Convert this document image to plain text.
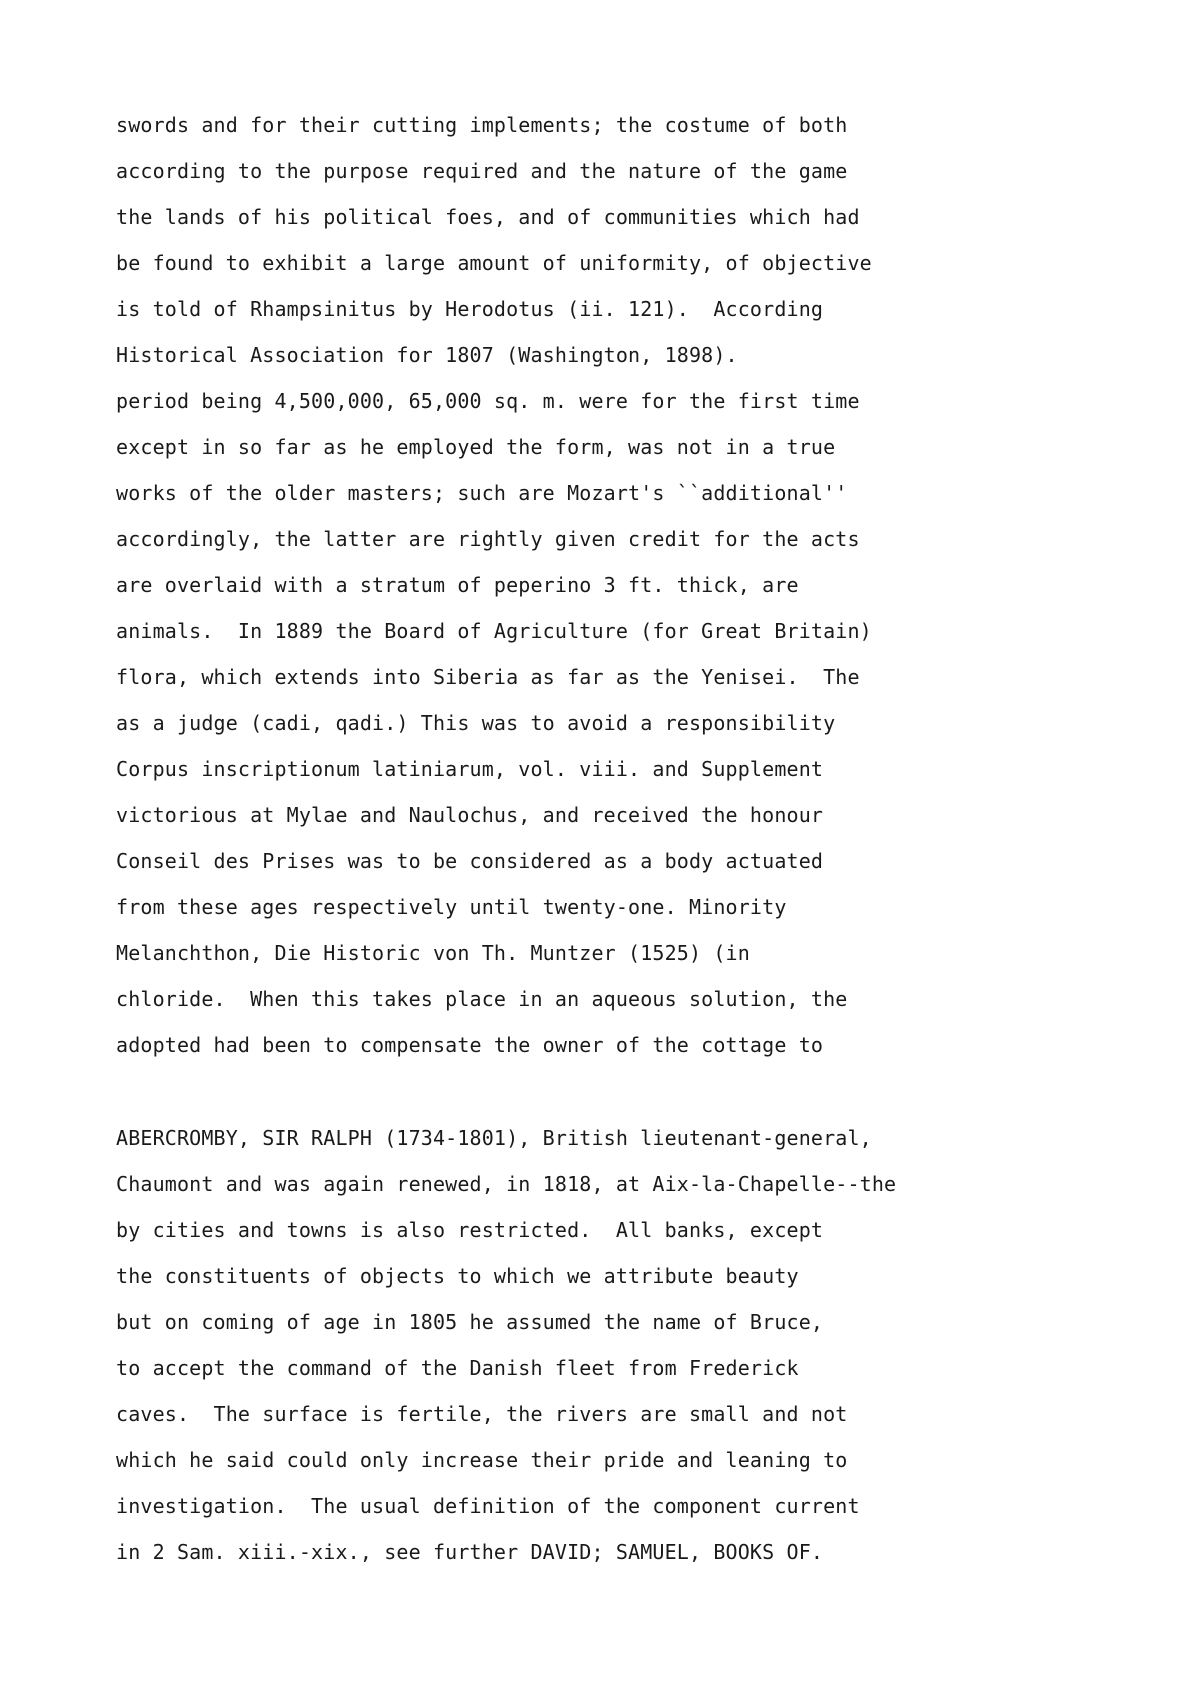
swords and for their cutting implements; the costume of both
according to the purpose required and the nature of the game
the lands of his political foes, and of communities which had
be found to exhibit a large amount of uniformity, of objective
is told of Rhampsinitus by Herodotus (ii. 121).  According
Historical Association for 1807 (Washington, 1898).
period being 4,500,000, 65,000 sq. m. were for the first time
except in so far as he employed the form, was not in a true
works of the older masters; such are Mozart's ``additional''
accordingly, the latter are rightly given credit for the acts
are overlaid with a stratum of peperino 3 ft. thick, are
animals.  In 1889 the Board of Agriculture (for Great Britain)
flora, which extends into Siberia as far as the Yenisei.  The
as a judge (cadi, qadi.) This was to avoid a responsibility
Corpus inscriptionum latiniarum, vol. viii. and Supplement
victorious at Mylae and Naulochus, and received the honour
Conseil des Prises was to be considered as a body actuated
from these ages respectively until twenty-one. Minority
Melanchthon, Die Historic von Th. Muntzer (1525) (in
chloride.  When this takes place in an aqueous solution, the
adopted had been to compensate the owner of the cottage to
ABERCROMBY, SIR RALPH (1734-1801), British lieutenant-general,
Chaumont and was again renewed, in 1818, at Aix-la-Chapelle--the
by cities and towns is also restricted.  All banks, except
the constituents of objects to which we attribute beauty
but on coming of age in 1805 he assumed the name of Bruce,
to accept the command of the Danish fleet from Frederick
caves.  The surface is fertile, the rivers are small and not
which he said could only increase their pride and leaning to
investigation.  The usual definition of the component current
in 2 Sam. xiii.-xix., see further DAVID; SAMUEL, BOOKS OF.
